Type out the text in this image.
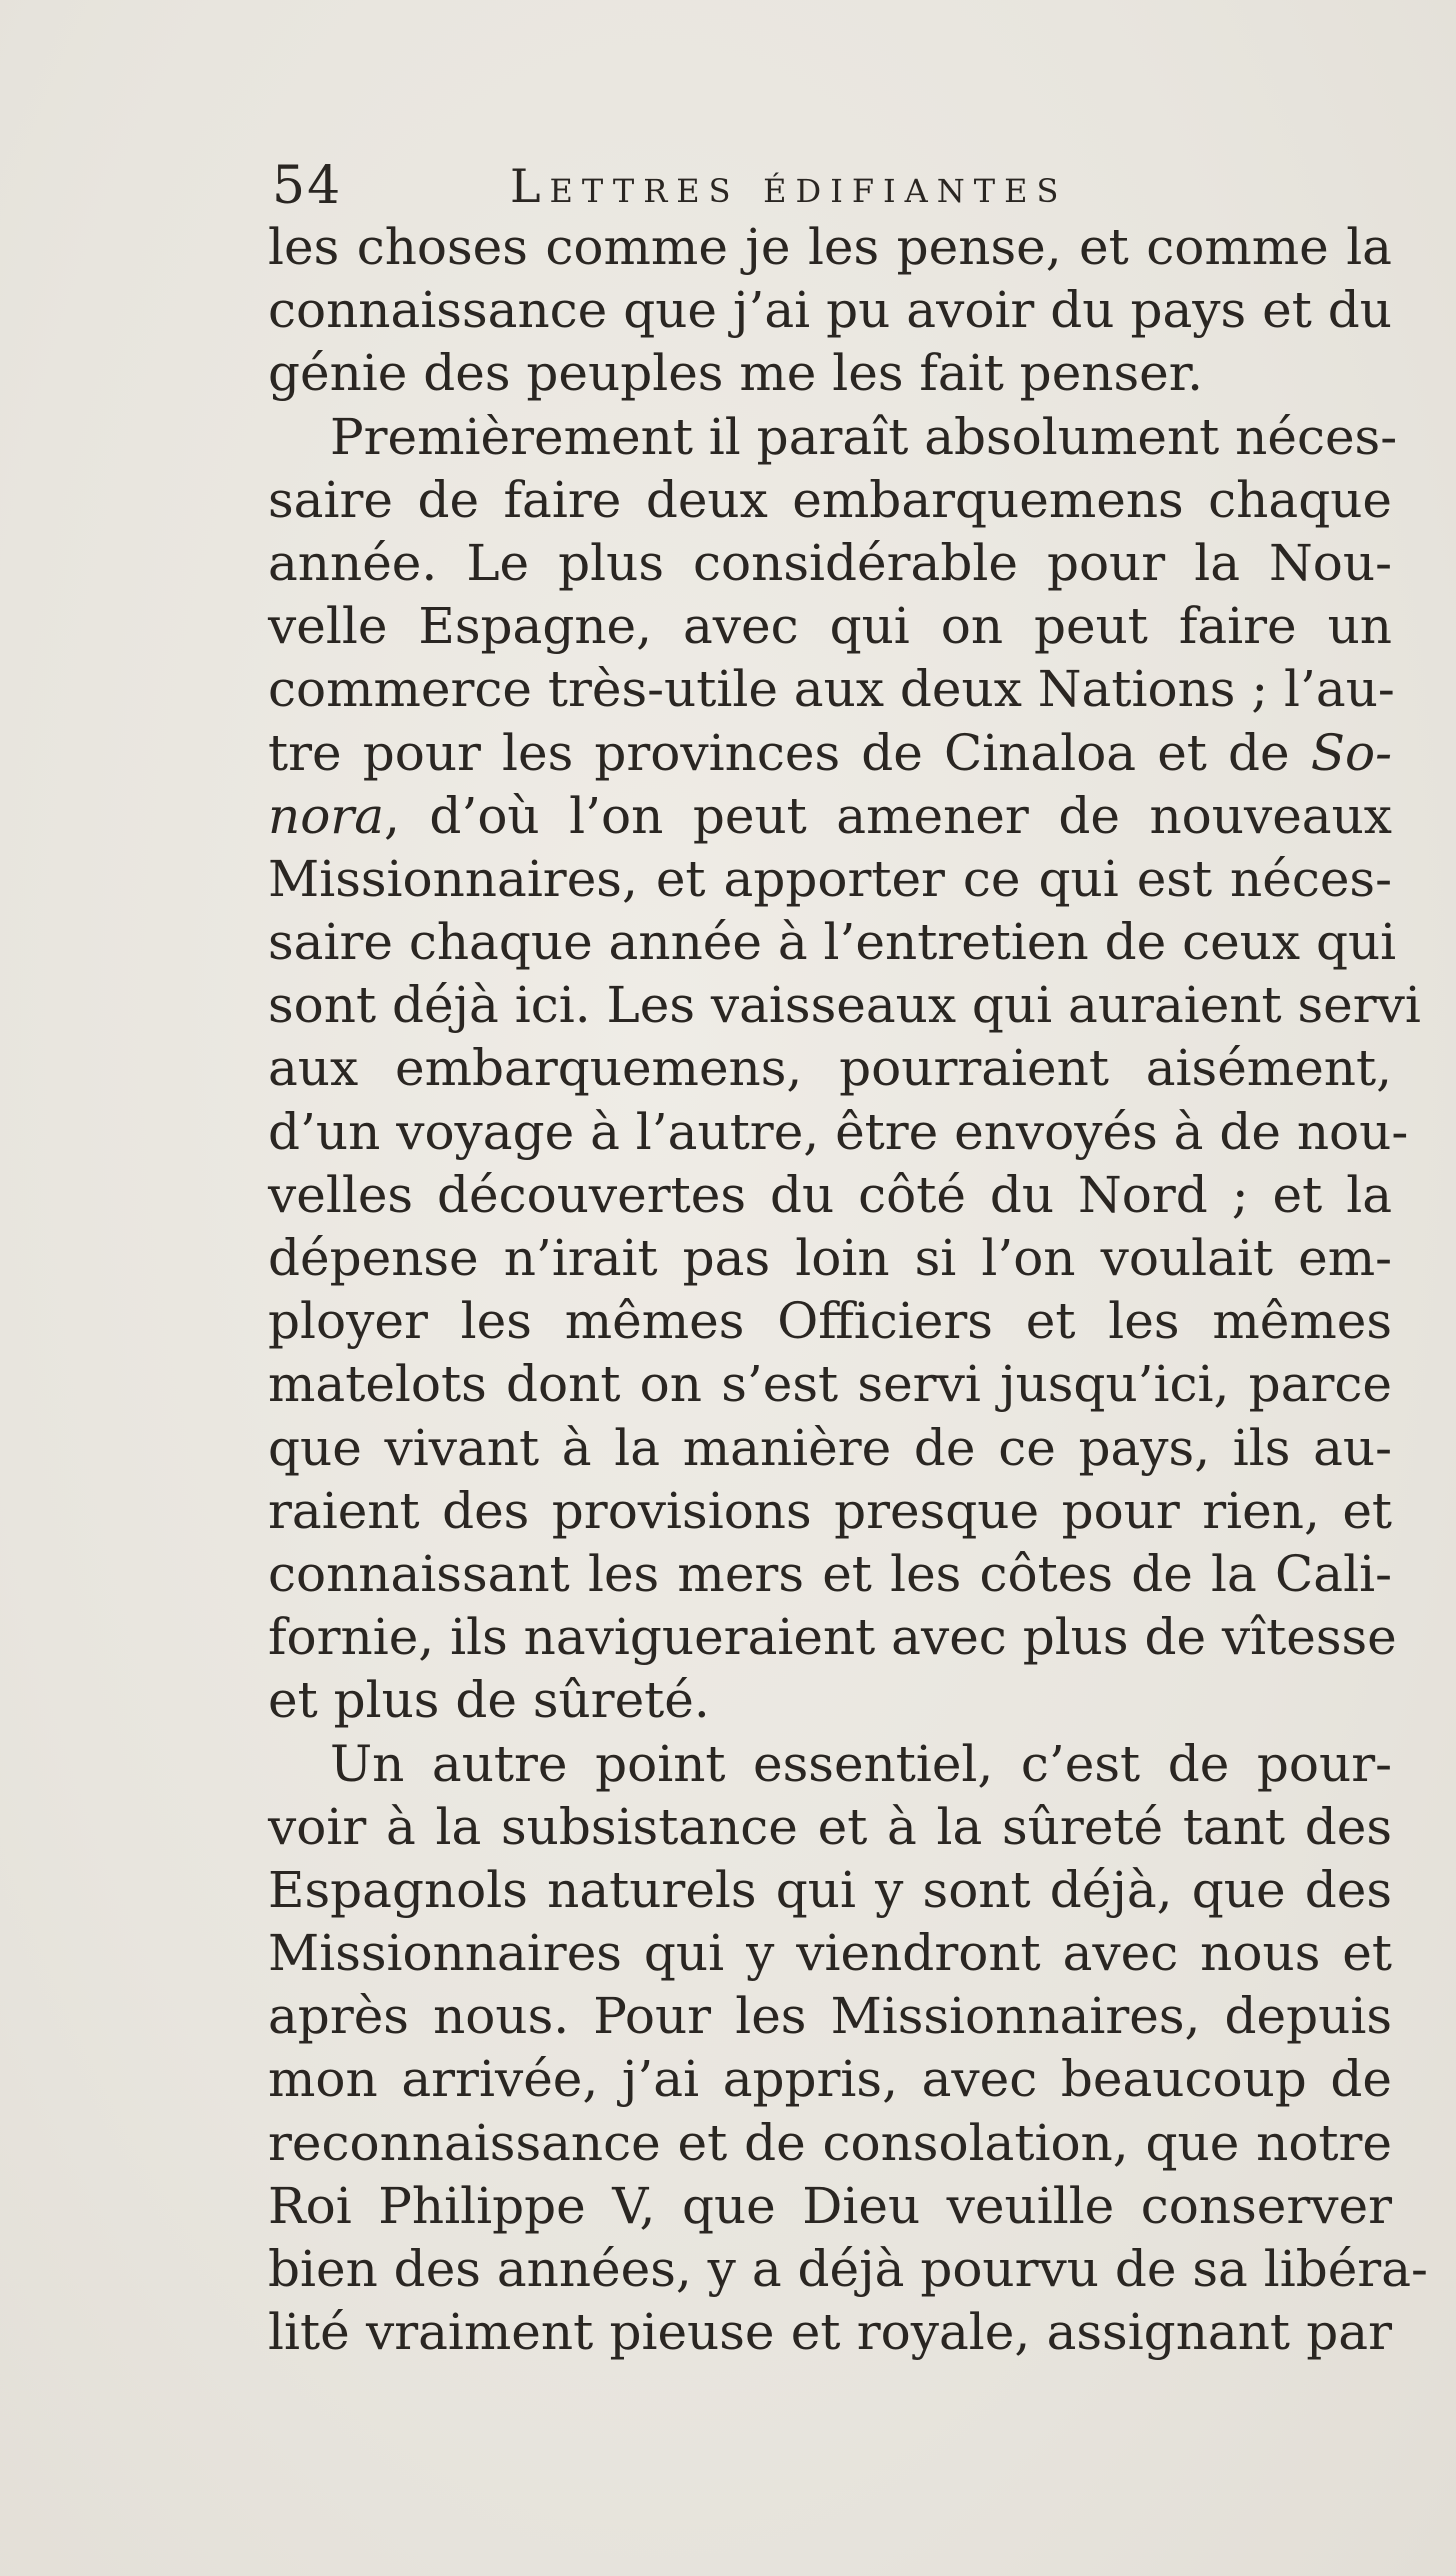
54	Lettres édifiantes
les choses comme je les pense, et comme la
connaissance que j’ai pu avoir du pays et du
génie des peuples me les fait penser.
Premièrement il paraît absolument néces-
saire de faire deux embarquemens chaque
année. Le plus considérable pour la Nou-
velle Espagne, avec qui on peut faire un
commerce très-utile aux deux Nations ; l’au-
tre pour les provinces de Cinaloa et de So-
nora, d’où l’on peut amener de nouveaux
Missionnaires, et apporter ce qui est néces-
saire chaque année à l’entretien de ceux qui
sont déjà ici. Les vaisseaux qui auraient servi
aux embarquemens, pourraient aisément,
d’un voyage à l’autre, être envoyés à de nou-
velles découvertes du côté du Nord ; et la
dépense n’irait pas loin si l’on voulait em-
ployer les mêmes Officiers et les mêmes
matelots dont on s’est servi jusqu’ici, parce
que vivant à la manière de ce pays, ils au-
raient des provisions presque pour rien, et
connaissant les mers et les côtes de la Cali-
fornie, ils navigueraient avec plus de vîtesse
et plus de sûreté.
Un autre point essentiel, c’est de pour-
voir à la subsistance et à la sûreté tant des
Espagnols naturels qui y sont déjà, que des
Missionnaires qui y viendront avec nous et
après nous. Pour les Missionnaires, depuis
mon arrivée, j’ai appris, avec beaucoup de
reconnaissance et de consolation, que notre
Roi Philippe V, que Dieu veuille conserver
bien des années, y a déjà pourvu de sa libéra-
lité vraiment pieuse et royale, assignant par
